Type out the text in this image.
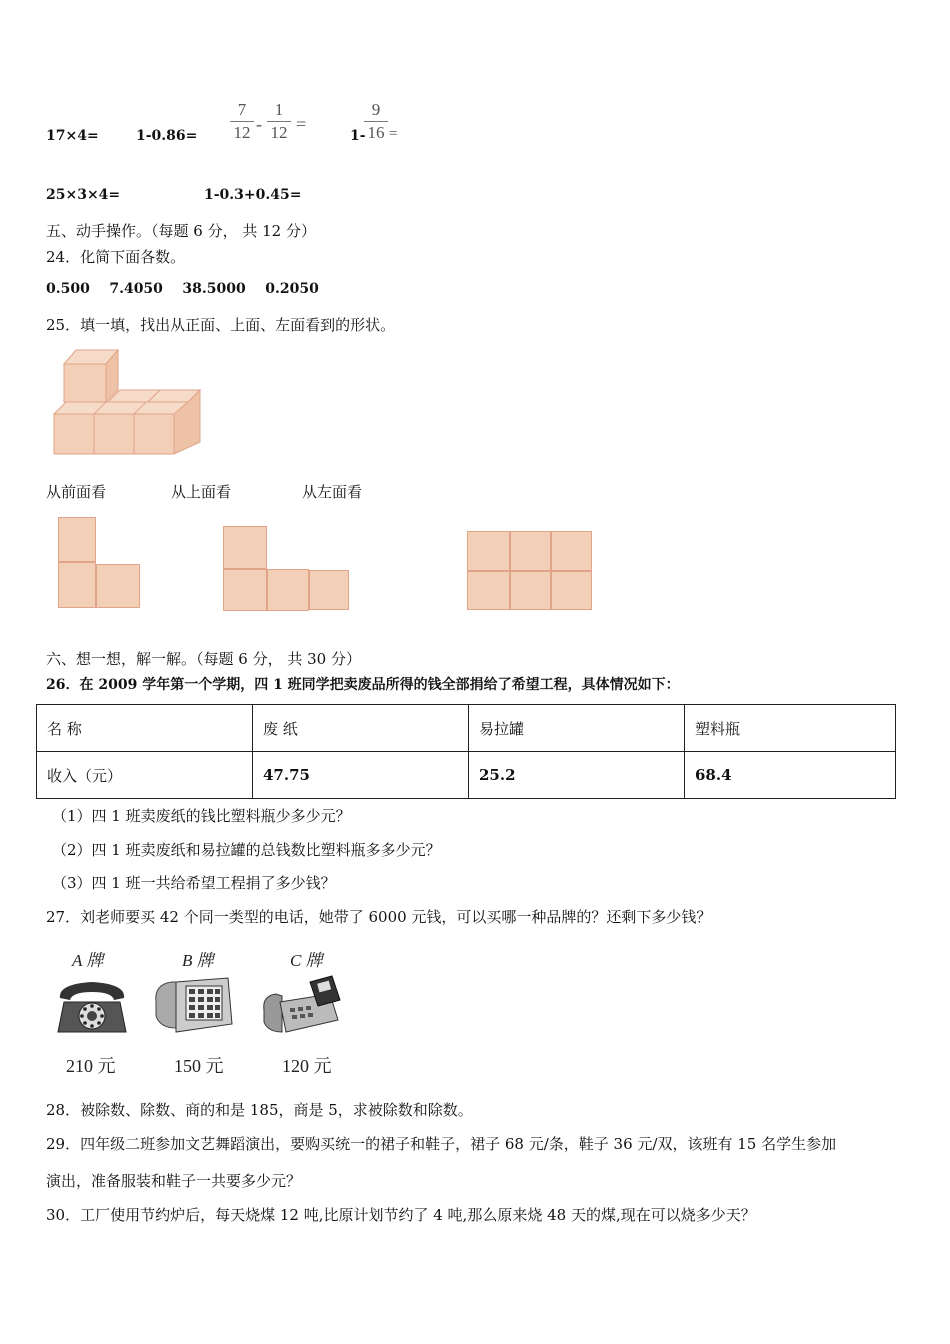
17×4=	1-0.86=
7
12 -
1
12 =
1-
9
16 =
25×3×4=	1-0.3+0.45=
五、动手操作。（每题 6 分， 共 12 分）
24．化简下面各数。
0.500    7.4050    38.5000    0.2050
25．填一填，找出从正面、上面、左面看到的形状。
从前面看	从上面看	从左面看
六、想一想，解一解。（每题 6 分， 共 30 分）
26．在 2009 学年第一个学期，四 1 班同学把卖废品所得的钱全部捐给了希望工程，具体情况如下：
名 称	废 纸	易拉罐	塑料瓶
收入（元）	47.75	25.2	68.4
（1）四 1 班卖废纸的钱比塑料瓶少多少元？
（2）四 1 班卖废纸和易拉罐的总钱数比塑料瓶多多少元？
（3）四 1 班一共给希望工程捐了多少钱？
27．刘老师要买 42 个同一类型的电话，她带了 6000 元钱，可以买哪一种品牌的？还剩下多少钱？
A 牌	B 牌	C 牌
210 元	150 元	120 元
28．被除数、除数、商的和是 185，商是 5，求被除数和除数。
29．四年级二班参加文艺舞蹈演出，要购买统一的裙子和鞋子，裙子 68 元/条，鞋子 36 元/双，该班有 15 名学生参加
演出，准备服装和鞋子一共要多少元？
30．工厂使用节约炉后，每天烧煤 12 吨,比原计划节约了 4 吨,那么原来烧 48 天的煤,现在可以烧多少天？
